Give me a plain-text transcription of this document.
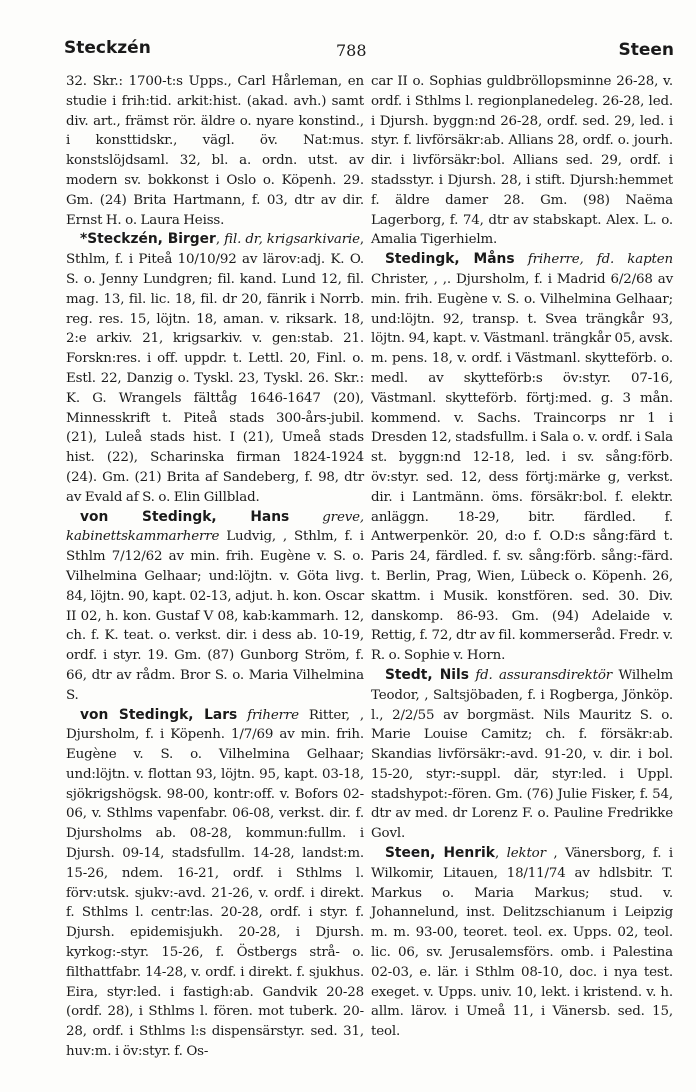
Steckzén	788	Steen

32. Skr.: 1700-t:s Upps., Carl Hårleman, en studie i frih:tid. arkit:hist. (akad. avh.) samt div. art., främst rör. äldre o. nyare konstind., i konsttidskr., vägl. öv. Nat:mus. konstslöjdsaml. 32, bl. a. ordn. utst. av modern sv. bokkonst i Oslo o. Köpenh. 29. Gm. (24) Brita Hartmann, f. 03, dtr av dir. Ernst H. o. Laura Heiss.

*Steckzén, Birger, fil. dr, krigsarkivarie, Sthlm, f. i Piteå 10/10/92 av lärov:adj. K. O. S. o. Jenny Lundgren; fil. kand. Lund 12, fil. mag. 13, fil. lic. 18, fil. dr 20, fänrik i Norrb. reg. res. 15, löjtn. 18, aman. v. riksark. 18, 2:e arkiv. 21, krigsarkiv. v. gen:stab. 21. Forskn:res. i off. uppdr. t. Lettl. 20, Finl. o. Estl. 22, Danzig o. Tyskl. 23, Tyskl. 26. Skr.: K. G. Wrangels fälttåg 1646-1647 (20), Minnesskrift t. Piteå stads 300-års-jubil. (21), Luleå stads hist. I (21), Umeå stads hist. (22), Scharinska firman 1824-1924 (24). Gm. (21) Brita af Sandeberg, f. 98, dtr av Evald af S. o. Elin Gillblad.

von Stedingk, Hans greve, kabinettskammarherre Ludvig, , Sthlm, f. i Sthlm 7/12/62 av min. frih. Eugène v. S. o. Vilhelmina Gelhaar; und:löjtn. v. Göta livg. 84, löjtn. 90, kapt. 02-13, adjut. h. kon. Oscar II 02, h. kon. Gustaf V 08, kab:kammarh. 12, ch. f. K. teat. o. verkst. dir. i dess ab. 10-19, ordf. i styr. 19. Gm. (87) Gunborg Ström, f. 66, dtr av rådm. Bror S. o. Maria Vilhelmina S.

von Stedingk, Lars friherre Ritter, , Djursholm, f. i Köpenh. 1/7/69 av min. frih. Eugène v. S. o. Vilhelmina Gelhaar; und:löjtn. v. flottan 93, löjtn. 95, kapt. 03-18, sjökrigshögsk. 98-00, kontr:off. v. Bofors 02-06, v. Sthlms vapenfabr. 06-08, verkst. dir. f. Djursholms ab. 08-28, kommun:fullm. i Djursh. 09-14, stadsfullm. 14-28, landst:m. 15-26, ndem. 16-21, ordf. i Sthlms l. förv:utsk. sjukv:-avd. 21-26, v. ordf. i direkt. f. Sthlms l. centr:las. 20-28, ordf. i styr. f. Djursh. epidemisjukh. 20-28, i Djursh. kyrkog:-styr. 15-26, f. Östbergs strå- o. filthattfabr. 14-28, v. ordf. i direkt. f. sjukhus. Eira, styr:led. i fastigh:ab. Gandvik 20-28 (ordf. 28), i Sthlms l. fören. mot tuberk. 20-28, ordf. i Sthlms l:s dispensärstyr. sed. 31, huv:m. i öv:styr. f. Os-

car II o. Sophias guldbröllopsminne 26-28, v. ordf. i Sthlms l. regionplanedeleg. 26-28, led. i Djursh. byggn:nd 26-28, ordf. sed. 29, led. i styr. f. livförsäkr:ab. Allians 28, ordf. o. jourh. dir. i livförsäkr:bol. Allians sed. 29, ordf. i stadsstyr. i Djursh. 28, i stift. Djursh:hemmet f. äldre damer 28. Gm. (98) Naëma Lagerborg, f. 74, dtr av stabskapt. Alex. L. o. Amalia Tigerhielm.

Stedingk, Måns friherre, fd. kapten Christer, , ,. Djursholm, f. i Madrid 6/2/68 av min. frih. Eugène v. S. o. Vilhelmina Gelhaar; und:löjtn. 92, transp. t. Svea trängkår 93, löjtn. 94, kapt. v. Västmanl. trängkår 05, avsk. m. pens. 18, v. ordf. i Västmanl. skytteförb. o. medl. av skytteförb:s öv:styr. 07-16, Västmanl. skytteförb. förtj:med. g. 3 mån. kommend. v. Sachs. Traincorps nr 1 i Dresden 12, stadsfullm. i Sala o. v. ordf. i Sala st. byggn:nd 12-18, led. i sv. sång:förb. öv:styr. sed. 12, dess förtj:märke g, verkst. dir. i Lantmänn. öms. försäkr:bol. f. elektr. anläggn. 18-29, bitr. färdled. f. Antwerpenkör. 20, d:o f. O.D:s sång:färd t. Paris 24, färdled. f. sv. sång:förb. sång:-färd. t. Berlin, Prag, Wien, Lübeck o. Köpenh. 26, skattm. i Musik. konstfören. sed. 30. Div. danskomp. 86-93. Gm. (94) Adelaide v. Rettig, f. 72, dtr av fil. kommerseråd. Fredr. v. R. o. Sophie v. Horn.

Stedt, Nils fd. assuransdirektör Wilhelm Teodor, , Saltsjöbaden, f. i Rogberga, Jönköp. l., 2/2/55 av borgmäst. Nils Mauritz S. o. Marie Louise Camitz; ch. f. försäkr:ab. Skandias livförsäkr:-avd. 91-20, v. dir. i bol. 15-20, styr:-suppl. där, styr:led. i Uppl. stadshypot:-fören. Gm. (76) Julie Fisker, f. 54, dtr av med. dr Lorenz F. o. Pauline Fredrikke Govl.

Steen, Henrik, lektor , Vänersborg, f. i Wilkomir, Litauen, 18/11/74 av hdlsbitr. T. Markus o. Maria Markus; stud. v. Johannelund, inst. Delitzschianum i Leipzig m. m. 93-00, teoret. teol. ex. Upps. 02, teol. lic. 06, sv. Jerusalemsförs. omb. i Palestina 02-03, e. lär. i Sthlm 08-10, doc. i nya test. exeget. v. Upps. univ. 10, lekt. i kristend. v. h. allm. lärov. i Umeå 11, i Vänersb. sed. 15, teol.
